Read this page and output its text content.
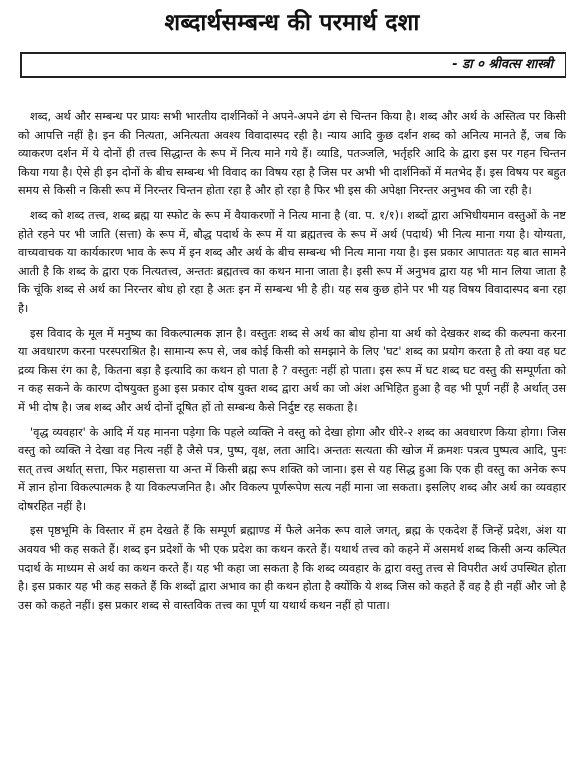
शब्दार्थसम्बन्ध की परमार्थ दशा
- डा ० श्रीवत्स शास्त्री

शब्द, अर्थ और सम्बन्ध पर प्रायः सभी भारतीय दार्शनिकों ने अपने-अपने ढंग से चिन्तन किया है। शब्द और अर्थ के अस्तित्व पर किसी को आपत्ति नहीं है। इन की नित्यता, अनित्यता अवश्य विवादास्पद रही है। न्याय आदि कुछ दर्शन शब्द को अनित्य मानते हैं, जब कि व्याकरण दर्शन में ये दोनों ही तत्त्व सिद्धान्त के रूप में नित्य माने गये हैं। व्याडि, पतञ्जलि, भर्तृहरि आदि के द्वारा इस पर गहन चिन्तन किया गया है। ऐसे ही इन दोनों के बीच सम्बन्ध भी विवाद का विषय रहा है जिस पर अभी भी दार्शनिकों में मतभेद हैं। इस विषय पर बहुत समय से किसी न किसी रूप में निरन्तर चिन्तन होता रहा है और हो रहा है फिर भी इस की अपेक्षा निरन्तर अनुभव की जा रही है।

शब्द को शब्द तत्त्व, शब्द ब्रह्म या स्फोट के रूप में वैयाकरणों ने नित्य माना है (वा. प. १/१)। शब्दों द्वारा अभिधीयमान वस्तुओं के नष्ट होते रहने पर भी जाति (सत्ता) के रूप में, बौद्ध पदार्थ के रूप में या ब्रह्मतत्त्व के रूप में अर्थ (पदार्थ) भी नित्य माना गया है। योग्यता, वाच्यवाचक या कार्यकारण भाव के रूप में इन शब्द और अर्थ के बीच सम्बन्ध भी नित्य माना गया है। इस प्रकार आपाततः यह बात सामने आती है कि शब्द के द्वारा एक नित्यतत्त्व, अन्ततः ब्रह्मतत्त्व का कथन माना जाता है। इसी रूप में अनुभव द्वारा यह भी मान लिया जाता है कि चूंकि शब्द से अर्थ का निरन्तर बोध हो रहा है अतः इन में सम्बन्ध भी है ही। यह सब कुछ होने पर भी यह विषय विवादास्पद बना रहा है।

इस विवाद के मूल में मनुष्य का विकल्पात्मक ज्ञान है। वस्तुतः शब्द से अर्थ का बोध होना या अर्थ को देखकर शब्द की कल्पना करना या अवधारण करना परस्पराश्रित है। सामान्य रूप से, जब कोई किसी को समझाने के लिए 'घट' शब्द का प्रयोग करता है तो क्या वह घट द्रव्य किस रंग का है, कितना बड़ा है इत्यादि का कथन हो पाता है ? वस्तुतः नहीं हो पाता। इस रूप में घट शब्द घट वस्तु की सम्पूर्णता को न कह सकने के कारण दोषयुक्त हुआ इस प्रकार दोष युक्त शब्द द्वारा अर्थ का जो अंश अभिहित हुआ है वह भी पूर्ण नहीं है अर्थात् उस में भी दोष है। जब शब्द और अर्थ दोनों दूषित हों तो सम्बन्ध कैसे निर्दुष्ट रह सकता है।

'वृद्ध व्यवहार' के आदि में यह मानना पड़ेगा कि पहले व्यक्ति ने वस्तु को देखा होगा और धीरे-२ शब्द का अवधारण किया होगा। जिस वस्तु को व्यक्ति ने देखा वह नित्य नहीं है जैसे पत्र, पुष्प, वृक्ष, लता आदि। अन्ततः सत्यता की खोज में क्रमशः पत्रत्व पुष्पत्व आदि, पुनः सत् तत्त्व अर्थात् सत्ता, फिर महासत्ता या अन्त में किसी ब्रह्म रूप शक्ति को जाना। इस से यह सिद्ध हुआ कि एक ही वस्तु का अनेक रूप में ज्ञान होना विकल्पात्मक है या विकल्पजनित है। और विकल्प पूर्णरूपेण सत्य नहीं माना जा सकता। इसलिए शब्द और अर्थ का व्यवहार दोषरहित नहीं है।

इस पृष्ठभूमि के विस्तार में हम देखते हैं कि सम्पूर्ण ब्रह्माण्ड में फैले अनेक रूप वाले जगत्, ब्रह्म के एकदेश हैं जिन्हें प्रदेश, अंश या अवयव भी कह सकते हैं। शब्द इन प्रदेशों के भी एक प्रदेश का कथन करते हैं। यथार्थ तत्त्व को कहने में असमर्थ शब्द किसी अन्य कल्पित पदार्थ के माध्यम से अर्थ का कथन करते हैं। यह भी कहा जा सकता है कि शब्द व्यवहार के द्वारा वस्तु तत्त्व से विपरीत अर्थ उपस्थित होता है। इस प्रकार यह भी कह सकते हैं कि शब्दों द्वारा अभाव का ही कथन होता है क्योंकि ये शब्द जिस को कहते हैं वह है ही नहीं और जो है उस को कहते नहीं। इस प्रकार शब्द से वास्तविक तत्त्व का पूर्ण या यथार्थ कथन नहीं हो पाता।
